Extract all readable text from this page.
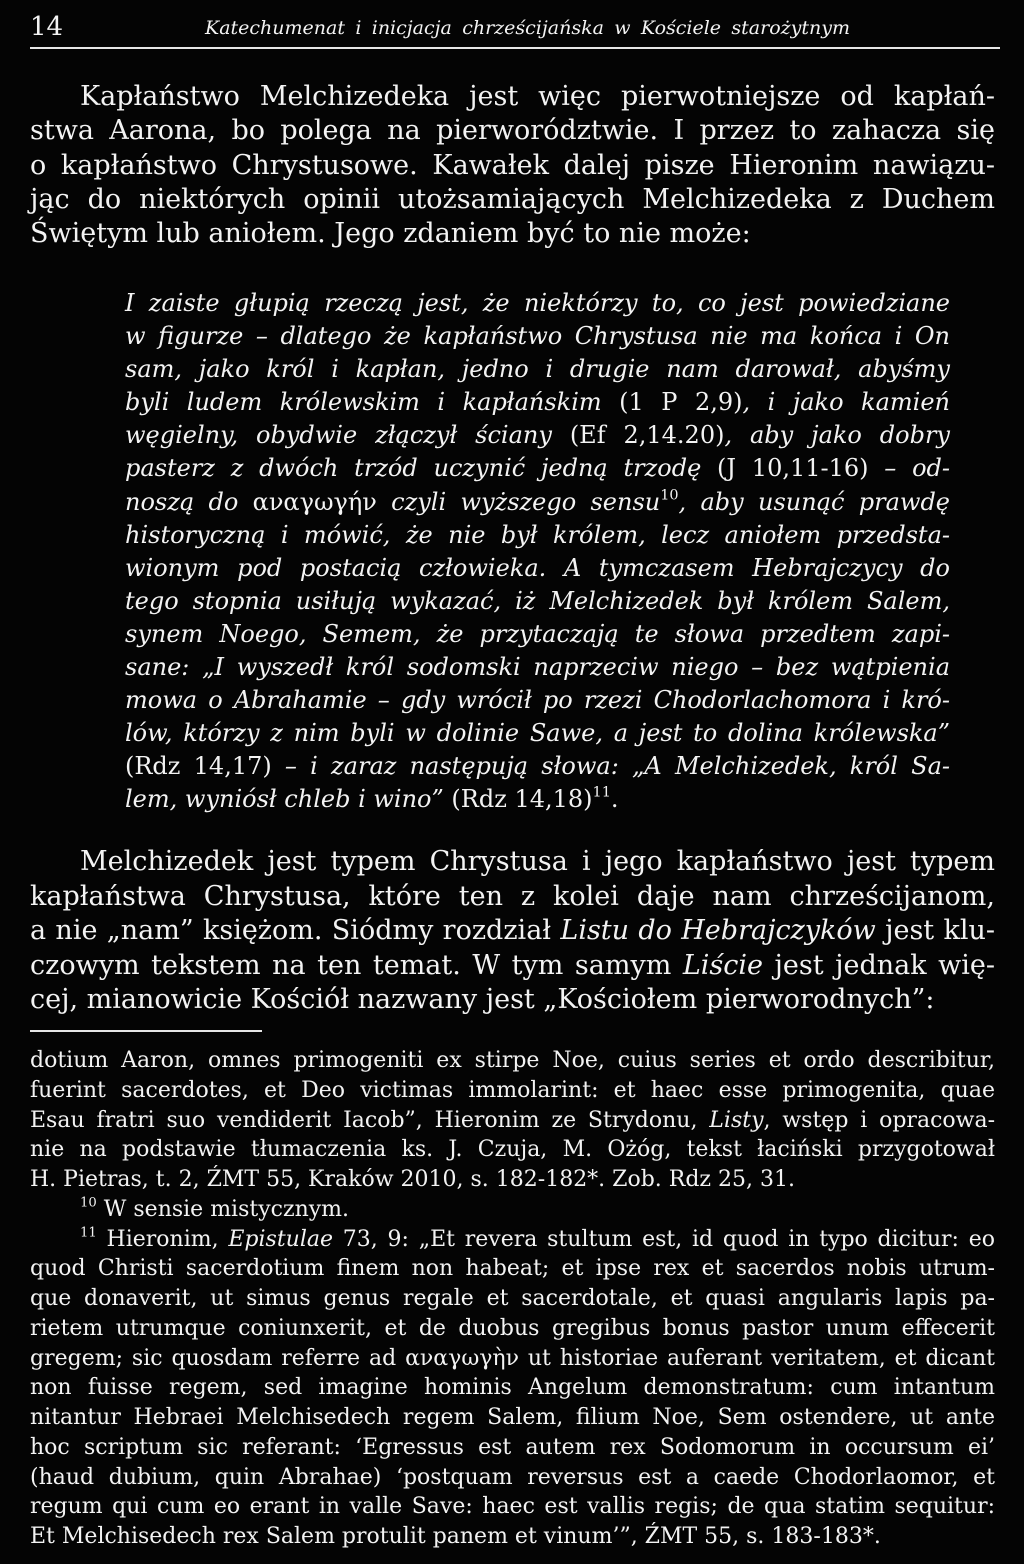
14	Katechumenat i inicjacja chrześcijańska w Kościele starożytnym
Kapłaństwo Melchizedeka jest więc pierwotniejsze od kapłań-
stwa Aarona, bo polega na pierworództwie. I przez to zahacza się
o kapłaństwo Chrystusowe. Kawałek dalej pisze Hieronim nawiązu-
jąc do niektórych opinii utożsamiających Melchizedeka z Duchem
Świętym lub aniołem. Jego zdaniem być to nie może:
I zaiste głupią rzeczą jest, że niektórzy to, co jest powiedziane
w figurze – dlatego że kapłaństwo Chrystusa nie ma końca i On
sam, jako król i kapłan, jedno i drugie nam darował, abyśmy
byli ludem królewskim i kapłańskim (1 P 2,9), i jako kamień
węgielny, obydwie złączył ściany (Ef 2,14.20), aby jako dobry
pasterz z dwóch trzód uczynić jedną trzodę (J 10,11-16) – od-
noszą do αναγωγήν czyli wyższego sensu$^{10}$, aby usunąć prawdę
historyczną i mówić, że nie był królem, lecz aniołem przedsta-
wionym pod postacią człowieka. A tymczasem Hebrajczycy do
tego stopnia usiłują wykazać, iż Melchizedek był królem Salem,
synem Noego, Semem, że przytaczają te słowa przedtem zapi-
sane: „I wyszedł król sodomski naprzeciw niego – bez wątpienia
mowa o Abrahamie – gdy wrócił po rzezi Chodorlachomora i kró-
lów, którzy z nim byli w dolinie Sawe, a jest to dolina królewska”
(Rdz 14,17) – i zaraz następują słowa: „A Melchizedek, król Sa-
lem, wyniósł chleb i wino” (Rdz 14,18)$^{11}$.
Melchizedek jest typem Chrystusa i jego kapłaństwo jest typem
kapłaństwa Chrystusa, które ten z kolei daje nam chrześcijanom,
a nie „nam” księżom. Siódmy rozdział Listu do Hebrajczyków jest klu-
czowym tekstem na ten temat. W tym samym Liście jest jednak wię-
cej, mianowicie Kościół nazwany jest „Kościołem pierworodnych”:
dotium Aaron, omnes primogeniti ex stirpe Noe, cuius series et ordo describitur,
fuerint sacerdotes, et Deo victimas immolarint: et haec esse primogenita, quae
Esau fratri suo vendiderit Iacob”, Hieronim ze Strydonu, Listy, wstęp i opracowa-
nie na podstawie tłumaczenia ks. J. Czuja, M. Ożóg, tekst łaciński przygotował
H. Pietras, t. 2, ŹMT 55, Kraków 2010, s. 182-182*. Zob. Rdz 25, 31.
$^{10}$ W sensie mistycznym.
$^{11}$ Hieronim, Epistulae 73, 9: „Et revera stultum est, id quod in typo dicitur: eo
quod Christi sacerdotium finem non habeat; et ipse rex et sacerdos nobis utrum-
que donaverit, ut simus genus regale et sacerdotale, et quasi angularis lapis pa-
rietem utrumque coniunxerit, et de duobus gregibus bonus pastor unum effecerit
gregem; sic quosdam referre ad αναγωγὴν ut historiae auferant veritatem, et dicant
non fuisse regem, sed imagine hominis Angelum demonstratum: cum intantum
nitantur Hebraei Melchisedech regem Salem, filium Noe, Sem ostendere, ut ante
hoc scriptum sic referant: ‘Egressus est autem rex Sodomorum in occursum ei’
(haud dubium, quin Abrahae) ‘postquam reversus est a caede Chodorlaomor, et
regum qui cum eo erant in valle Save: haec est vallis regis; de qua statim sequitur:
Et Melchisedech rex Salem protulit panem et vinum’”, ŹMT 55, s. 183-183*.
